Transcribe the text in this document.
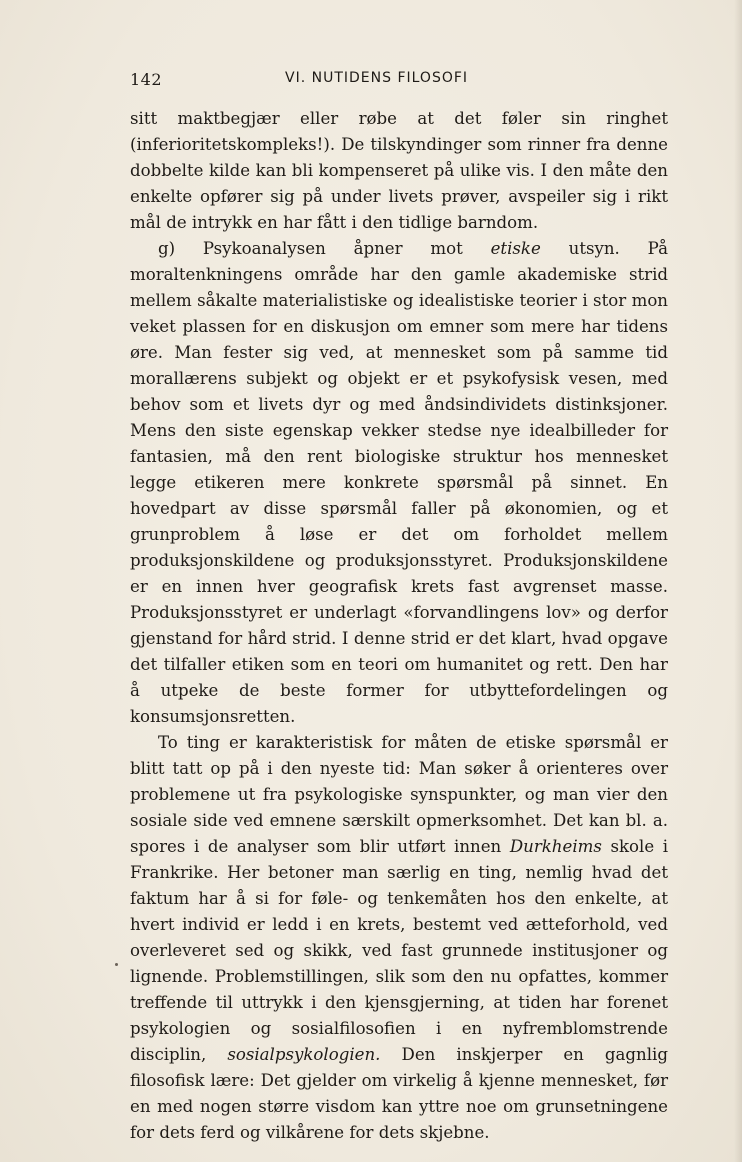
142	VI. NUTIDENS FILOSOFI

sitt maktbegjær eller røbe at det føler sin ringhet (inferioritetskompleks!). De tilskyndinger som rinner fra denne dobbelte kilde kan bli kompenseret på ulike vis. I den måte den enkelte opfører sig på under livets prøver, avspeiler sig i rikt mål de intrykk en har fått i den tidlige barndom.

g) Psykoanalysen åpner mot etiske utsyn. På moraltenkningens område har den gamle akademiske strid mellem såkalte materialistiske og idealistiske teorier i stor mon veket plassen for en diskusjon om emner som mere har tidens øre. Man fester sig ved, at mennesket som på samme tid morallærens subjekt og objekt er et psykofysisk vesen, med behov som et livets dyr og med åndsindividets distinksjoner. Mens den siste egenskap vekker stedse nye idealbilleder for fantasien, må den rent biologiske struktur hos mennesket legge etikeren mere konkrete spørsmål på sinnet. En hovedpart av disse spørsmål faller på økonomien, og et grunproblem å løse er det om forholdet mellem produksjonskildene og produksjonsstyret. Produksjonskildene er en innen hver geografisk krets fast avgrenset masse. Produksjonsstyret er underlagt «forvandlingens lov» og derfor gjenstand for hård strid. I denne strid er det klart, hvad opgave det tilfaller etiken som en teori om humanitet og rett. Den har å utpeke de beste former for utbyttefordelingen og konsumsjonsretten.

To ting er karakteristisk for måten de etiske spørsmål er blitt tatt op på i den nyeste tid: Man søker å orienteres over problemene ut fra psykologiske synspunkter, og man vier den sosiale side ved emnene særskilt opmerksomhet. Det kan bl. a. spores i de analyser som blir utført innen Durkheims skole i Frankrike. Her betoner man særlig en ting, nemlig hvad det faktum har å si for føle- og tenkemåten hos den enkelte, at hvert individ er ledd i en krets, bestemt ved ætteforhold, ved overleveret sed og skikk, ved fast grunnede institusjoner og lignende. Problemstillingen, slik som den nu opfattes, kommer treffende til uttrykk i den kjensgjerning, at tiden har forenet psykologien og sosialfilosofien i en nyfremblomstrende disciplin, sosialpsykologien. Den inskjerper en gagnlig filosofisk lære: Det gjelder om virkelig å kjenne mennesket, før en med nogen større visdom kan yttre noe om grunsetningene for dets ferd og vilkårene for dets skjebne.
